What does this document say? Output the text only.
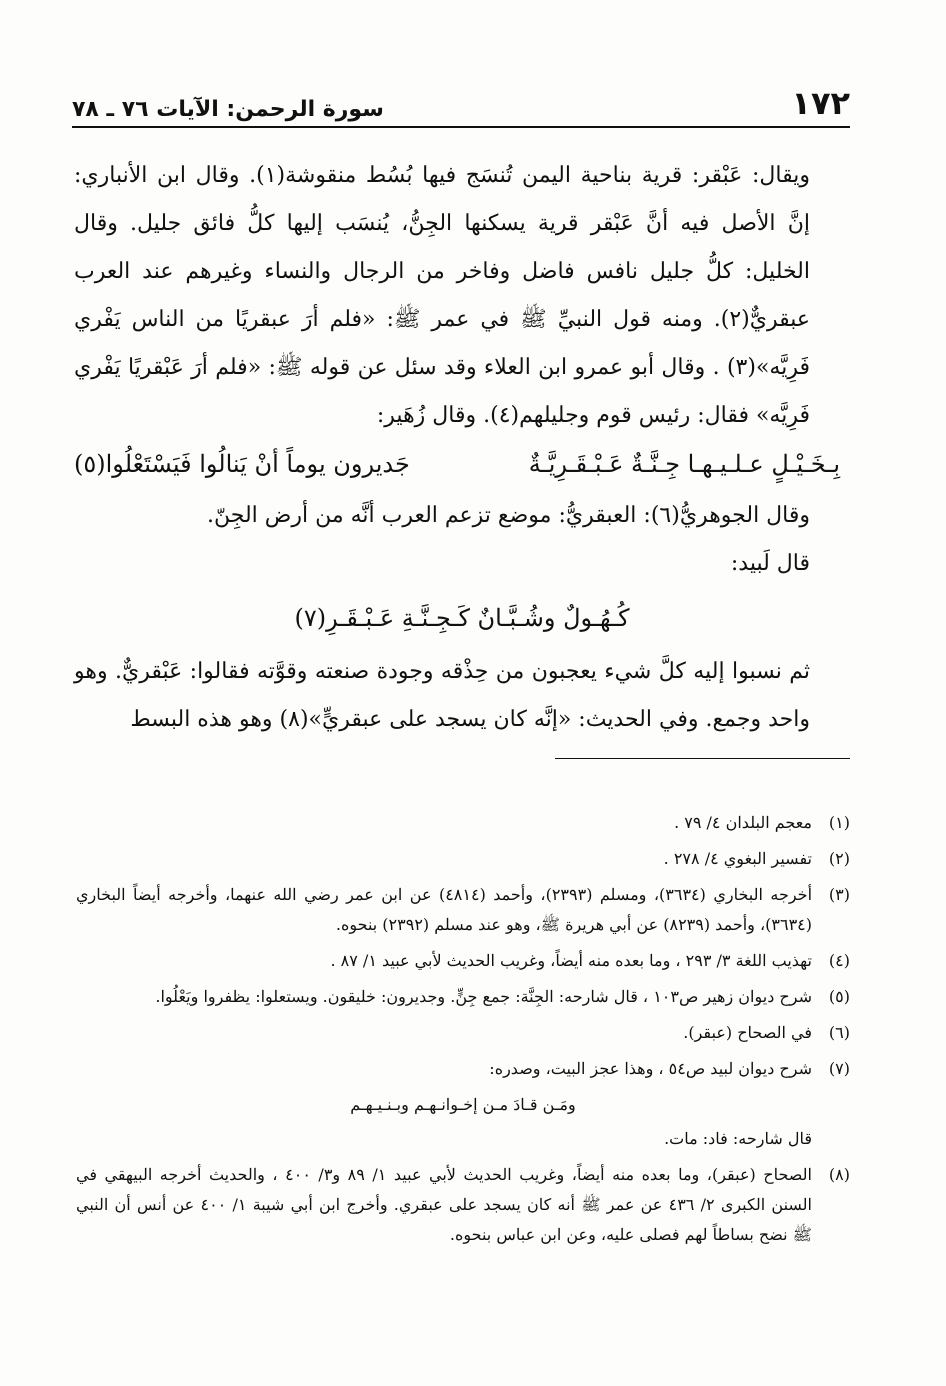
١٧٢
سورة الرحمن: الآيات ٧٦ ـ ٧٨

ويقال: عَبْقر: قرية بناحية اليمن تُنسَج فيها بُسُط منقوشة(١). وقال ابن الأنباري: إنَّ الأصل فيه أنَّ عَبْقر قرية يسكنها الجِنُّ، يُنسَب إليها كلُّ فائق جليل. وقال الخليل: كلُّ جليل نافس فاضل وفاخر من الرجال والنساء وغيرهم عند العرب عبقريٌّ(٢). ومنه قول النبيِّ ﷺ في عمر ﷺ: «فلم أرَ عبقريًا من الناس يَفْري فَرِيَّه»(٣) . وقال أبو عمرو ابن العلاء وقد سئل عن قوله ﷺ: «فلم أرَ عَبْقريًا يَفْري فَرِيَّه» فقال: رئيس قوم وجليلهم(٤). وقال زُهَير:

بِـخَـيْـلٍ عـلـيـهـا جِـنَّـةٌ عَـبْـقَـرِيَّـةٌ
جَديرون يوماً أنْ يَنالُوا فَيَسْتَعْلُوا(٥)

وقال الجوهريُّ(٦): العبقريُّ: موضع تزعم العرب أنَّه من أرض الجِنّ.

قال لَبيد:

كُـهُـولٌ وشُـبَّـانٌ كَـجِـنَّـةِ عَـبْـقَـرِ(٧)

ثم نسبوا إليه كلَّ شيء يعجبون من حِذْقه وجودة صنعته وقوَّته فقالوا: عَبْقريٌّ. وهو واحد وجمع. وفي الحديث: «إنَّه كان يسجد على عبقريٍّ»(٨) وهو هذه البسط

(١)
معجم البلدان ٤/ ٧٩ .
(٢)
تفسير البغوي ٤/ ٢٧٨ .
(٣)
أخرجه البخاري (٣٦٣٤)، ومسلم (٢٣٩٣)، وأحمد (٤٨١٤) عن ابن عمر رضي الله عنهما، وأخرجه أيضاً البخاري (٣٦٣٤)، وأحمد (٨٢٣٩) عن أبي هريرة ﷺ، وهو عند مسلم (٢٣٩٢) بنحوه.
(٤)
تهذيب اللغة ٣/ ٢٩٣ ، وما بعده منه أيضاً، وغريب الحديث لأبي عبيد ١/ ٨٧ .
(٥)
شرح ديوان زهير ص١٠٣ ، قال شارحه: الجِنَّة: جمع جِنٍّ. وجديرون: خليقون. ويستعلوا: يظفروا ويَعْلُوا.
(٦)
في الصحاح (عبقر).
(٧)
شرح ديوان لبيد ص٥٤ ، وهذا عجز البيت، وصدره:
ومَـن قـادَ مـن إخـوانـهـم وبـنـيـهـم
قال شارحه: فاد: مات.
(٨)
الصحاح (عبقر)، وما بعده منه أيضاً، وغريب الحديث لأبي عبيد ١/ ٨٩ و٣/ ٤٠٠ ، والحديث أخرجه البيهقي في السنن الكبرى ٢/ ٤٣٦ عن عمر ﷺ أنه كان يسجد على عبقري. وأخرج ابن أبي شيبة ١/ ٤٠٠ عن أنس أن النبي ﷺ نضح بساطاً لهم فصلى عليه، وعن ابن عباس بنحوه.
